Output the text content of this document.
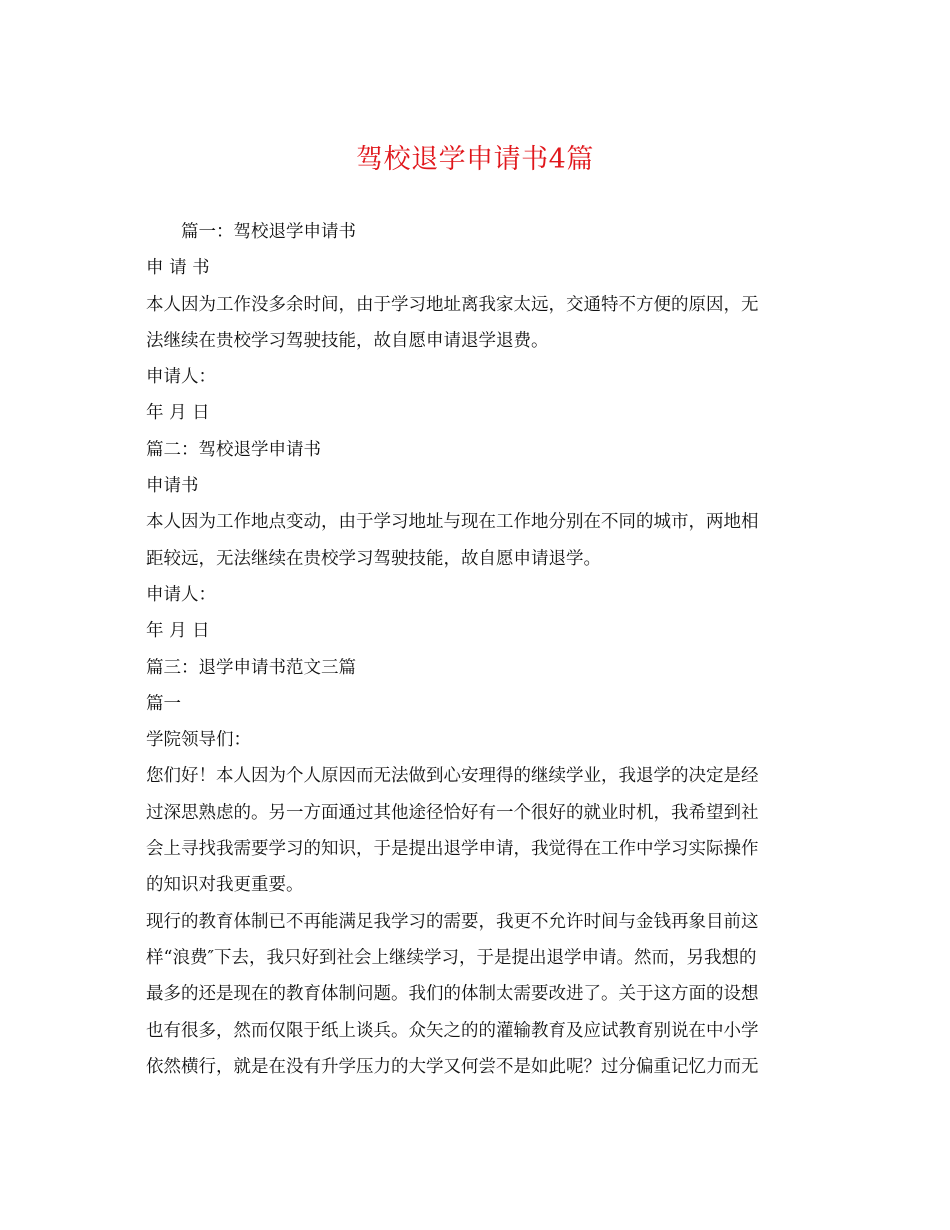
驾校退学申请书4篇
篇一：驾校退学申请书
申 请 书
本人因为工作没多余时间，由于学习地址离我家太远，交通特不方便的原因，无
法继续在贵校学习驾驶技能，故自愿申请退学退费。
申请人：
年 月 日
篇二：驾校退学申请书
申请书
本人因为工作地点变动，由于学习地址与现在工作地分别在不同的城市，两地相
距较远，无法继续在贵校学习驾驶技能，故自愿申请退学。
申请人：
年 月 日
篇三：退学申请书范文三篇
篇一
学院领导们：
您们好！本人因为个人原因而无法做到心安理得的继续学业，我退学的决定是经
过深思熟虑的。另一方面通过其他途径恰好有一个很好的就业时机，我希望到社
会上寻找我需要学习的知识，于是提出退学申请，我觉得在工作中学习实际操作
的知识对我更重要。
现行的教育体制已不再能满足我学习的需要，我更不允许时间与金钱再象目前这
样“浪费″下去，我只好到社会上继续学习，于是提出退学申请。然而，另我想的
最多的还是现在的教育体制问题。我们的体制太需要改进了。关于这方面的设想
也有很多，然而仅限于纸上谈兵。众矢之的的灌输教育及应试教育别说在中小学
依然横行，就是在没有升学压力的大学又何尝不是如此呢？过分偏重记忆力而无
